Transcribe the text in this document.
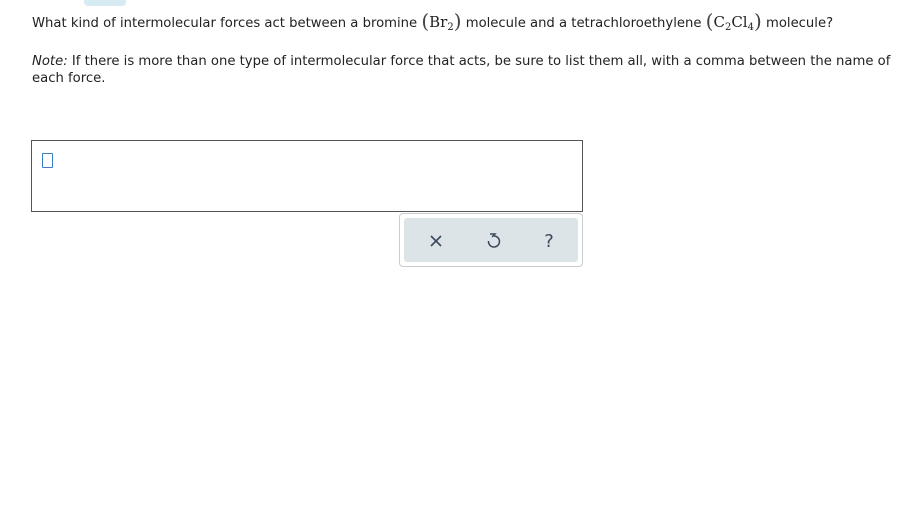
What kind of intermolecular forces act between a bromine $(Br_2)$ molecule and a tetrachloroethylene $(C_2Cl_4)$ molecule?
Note: If there is more than one type of intermolecular force that acts, be sure to list them all, with a comma between the name of each force.
?
